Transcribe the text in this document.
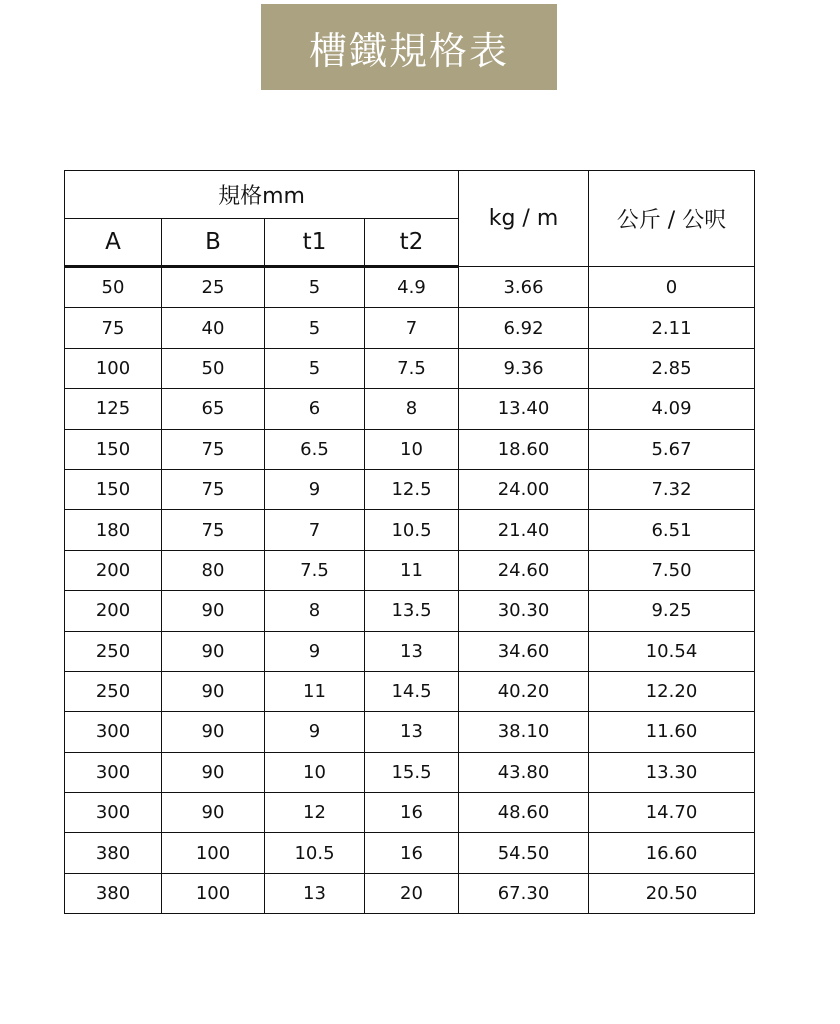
槽鐵規格表
規格mm				kg / m	公斤 / 公呎
A	B	t1	t2		
50	25	5	4.9	3.66	0
75	40	5	7	6.92	2.11
100	50	5	7.5	9.36	2.85
125	65	6	8	13.40	4.09
150	75	6.5	10	18.60	5.67
150	75	9	12.5	24.00	7.32
180	75	7	10.5	21.40	6.51
200	80	7.5	11	24.60	7.50
200	90	8	13.5	30.30	9.25
250	90	9	13	34.60	10.54
250	90	11	14.5	40.20	12.20
300	90	9	13	38.10	11.60
300	90	10	15.5	43.80	13.30
300	90	12	16	48.60	14.70
380	100	10.5	16	54.50	16.60
380	100	13	20	67.30	20.50
